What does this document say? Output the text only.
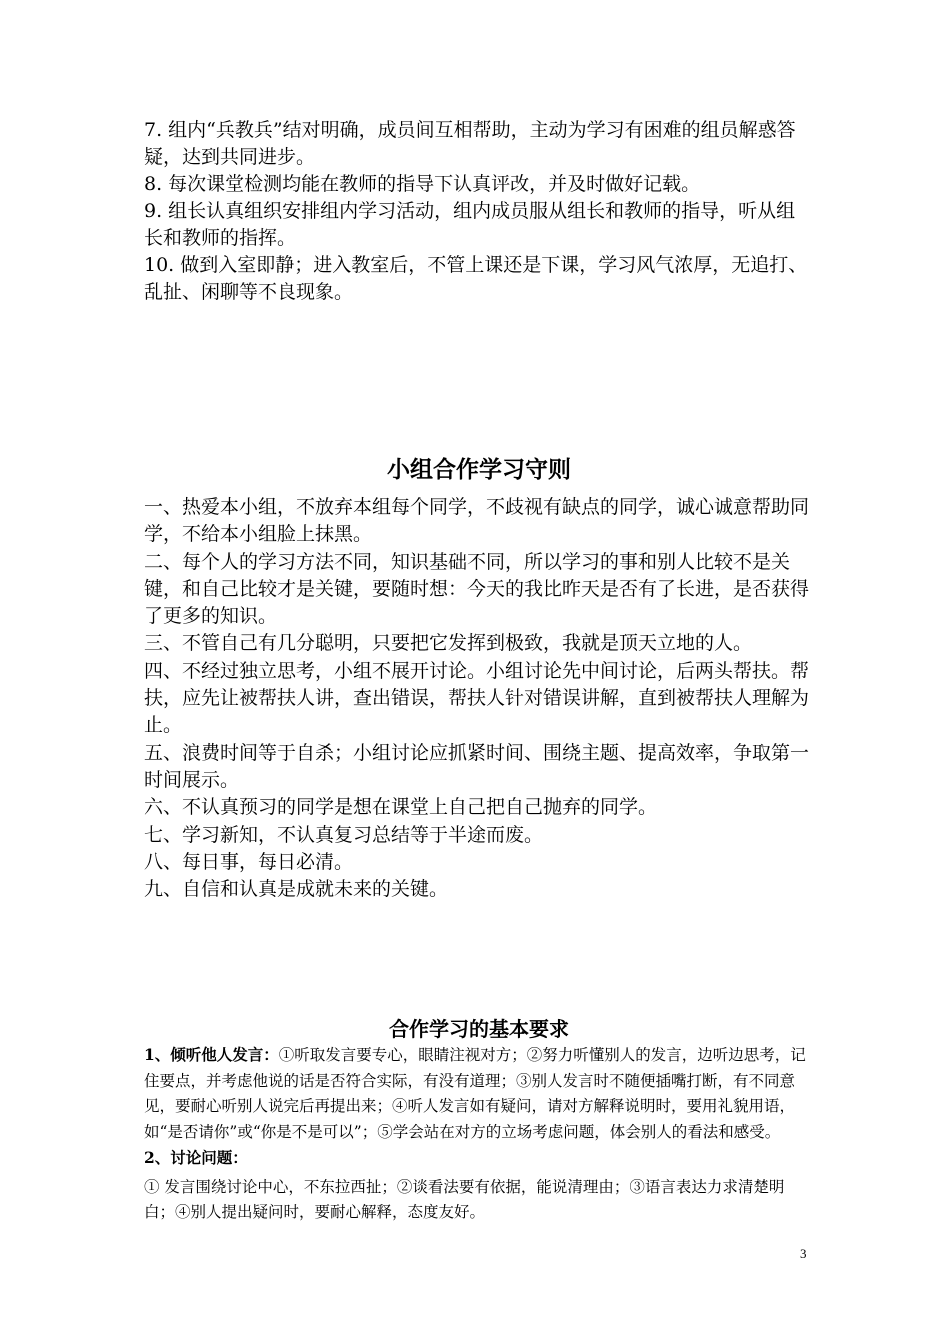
7. 组内“兵教兵”结对明确，成员间互相帮助，主动为学习有困难的组员解惑答疑，达到共同进步。

8. 每次课堂检测均能在教师的指导下认真评改，并及时做好记载。

9. 组长认真组织安排组内学习活动，组内成员服从组长和教师的指导，听从组长和教师的指挥。

10. 做到入室即静；进入教室后，不管上课还是下课，学习风气浓厚，无追打、乱扯、闲聊等不良现象。

小组合作学习守则

一、热爱本小组，不放弃本组每个同学，不歧视有缺点的同学，诚心诚意帮助同学，不给本小组脸上抹黑。

二、每个人的学习方法不同，知识基础不同，所以学习的事和别人比较不是关键，和自己比较才是关键，要随时想：今天的我比昨天是否有了长进，是否获得了更多的知识。

三、不管自己有几分聪明，只要把它发挥到极致，我就是顶天立地的人。

四、不经过独立思考，小组不展开讨论。小组讨论先中间讨论，后两头帮扶。帮扶，应先让被帮扶人讲，查出错误，帮扶人针对错误讲解，直到被帮扶人理解为止。

五、浪费时间等于自杀；小组讨论应抓紧时间、围绕主题、提高效率，争取第一时间展示。

六、不认真预习的同学是想在课堂上自己把自己抛弃的同学。

七、学习新知，不认真复习总结等于半途而废。

八、每日事，每日必清。

九、自信和认真是成就未来的关键。

合作学习的基本要求

1、倾听他人发言：①听取发言要专心，眼睛注视对方；②努力听懂别人的发言，边听边思考，记住要点，并考虑他说的话是否符合实际，有没有道理；③别人发言时不随便插嘴打断，有不同意见，要耐心听别人说完后再提出来；④听人发言如有疑问，请对方解释说明时，要用礼貌用语，如“是否请你”或“你是不是可以”；⑤学会站在对方的立场考虑问题，体会别人的看法和感受。

2、讨论问题：

① 发言围绕讨论中心，不东拉西扯；②谈看法要有依据，能说清理由；③语言表达力求清楚明白；④别人提出疑问时，要耐心解释，态度友好。

3
